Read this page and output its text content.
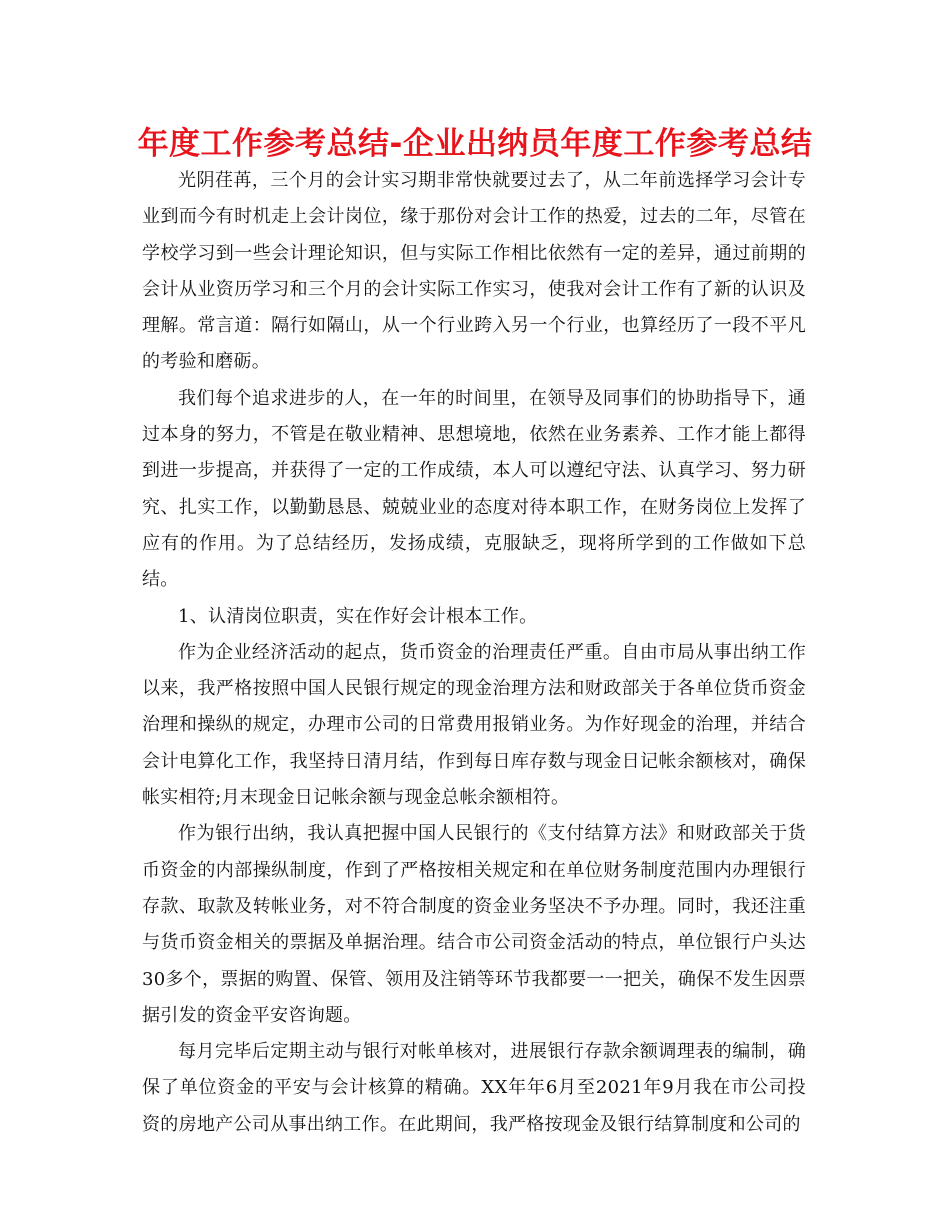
年度工作参考总结-企业出纳员年度工作参考总结

光阴荏苒，三个月的会计实习期非常快就要过去了，从二年前选择学习会计专业到而今有时机走上会计岗位，缘于那份对会计工作的热爱，过去的二年，尽管在学校学习到一些会计理论知识，但与实际工作相比依然有一定的差异，通过前期的会计从业资历学习和三个月的会计实际工作实习，使我对会计工作有了新的认识及理解。常言道：隔行如隔山，从一个行业跨入另一个行业，也算经历了一段不平凡的考验和磨砺。

我们每个追求进步的人，在一年的时间里，在领导及同事们的协助指导下，通过本身的努力，不管是在敬业精神、思想境地，依然在业务素养、工作才能上都得到进一步提高，并获得了一定的工作成绩，本人可以遵纪守法、认真学习、努力研究、扎实工作，以勤勤恳恳、兢兢业业的态度对待本职工作，在财务岗位上发挥了应有的作用。为了总结经历，发扬成绩，克服缺乏，现将所学到的工作做如下总结。

1、认清岗位职责，实在作好会计根本工作。

作为企业经济活动的起点，货币资金的治理责任严重。自由市局从事出纳工作以来，我严格按照中国人民银行规定的现金治理方法和财政部关于各单位货币资金治理和操纵的规定，办理市公司的日常费用报销业务。为作好现金的治理，并结合会计电算化工作，我坚持日清月结，作到每日库存数与现金日记帐余额核对，确保帐实相符;月末现金日记帐余额与现金总帐余额相符。

作为银行出纳，我认真把握中国人民银行的《支付结算方法》和财政部关于货币资金的内部操纵制度，作到了严格按相关规定和在单位财务制度范围内办理银行存款、取款及转帐业务，对不符合制度的资金业务坚决不予办理。同时，我还注重与货币资金相关的票据及单据治理。结合市公司资金活动的特点，单位银行户头达30多个，票据的购置、保管、领用及注销等环节我都要一一把关，确保不发生因票据引发的资金平安咨询题。

每月完毕后定期主动与银行对帐单核对，进展银行存款余额调理表的编制，确保了单位资金的平安与会计核算的精确。XX年年6月至2021年9月我在市公司投资的房地产公司从事出纳工作。在此期间，我严格按现金及银行结算制度和公司的
